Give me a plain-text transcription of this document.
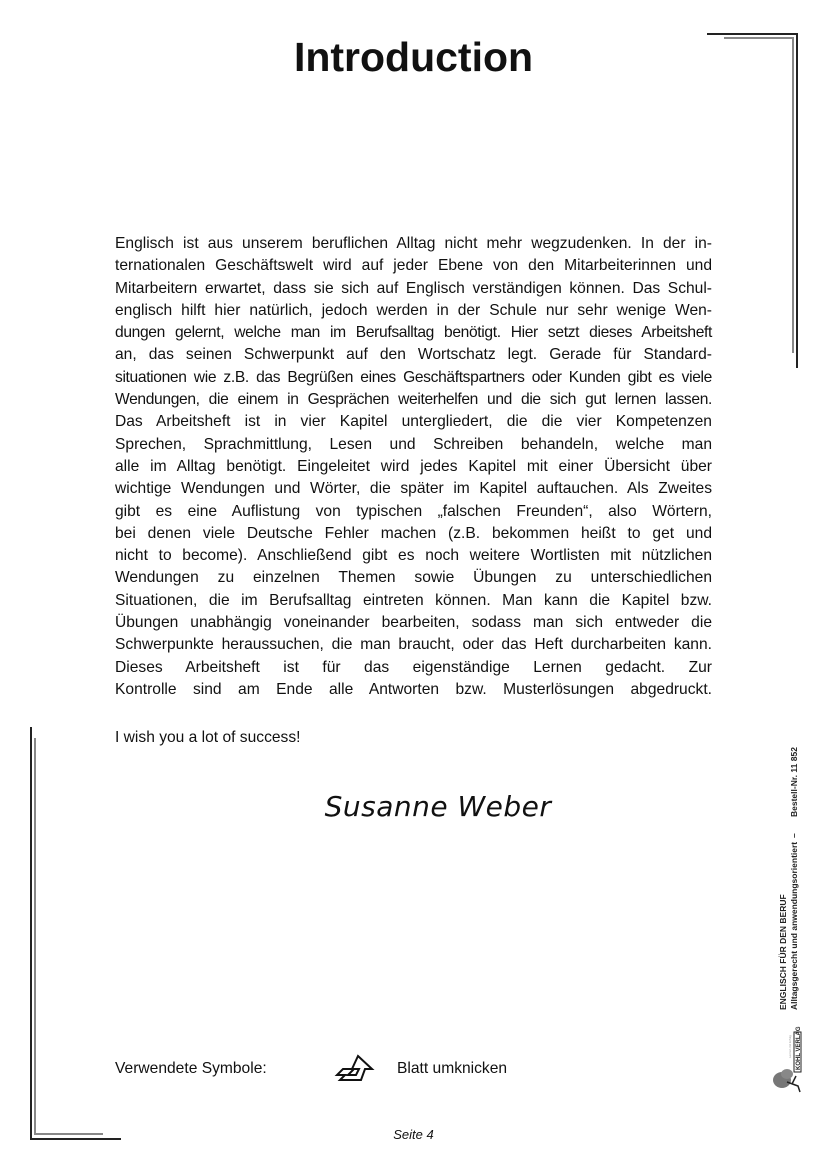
Introduction

Englisch ist aus unserem beruflichen Alltag nicht mehr wegzudenken. In der in-
ternationalen Geschäftswelt wird auf jeder Ebene von den Mitarbeiterinnen und
Mitarbeitern erwartet, dass sie sich auf Englisch verständigen können. Das Schul-
englisch hilft hier natürlich, jedoch werden in der Schule nur sehr wenige Wen-
dungen gelernt, welche man im Berufsalltag benötigt. Hier setzt dieses Arbeitsheft
an, das seinen Schwerpunkt auf den Wortschatz legt. Gerade für Standard-
situationen wie z.B. das Begrüßen eines Geschäftspartners oder Kunden gibt es viele
Wendungen, die einem in Gesprächen weiterhelfen und die sich gut lernen lassen.

Das Arbeitsheft ist in vier Kapitel untergliedert, die die vier Kompetenzen
Sprechen, Sprachmittlung, Lesen und Schreiben behandeln, welche man
alle im Alltag benötigt. Eingeleitet wird jedes Kapitel mit einer Übersicht über
wichtige Wendungen und Wörter, die später im Kapitel auftauchen. Als Zweites
gibt es eine Auflistung von typischen „falschen Freunden“, also Wörtern,
bei denen viele Deutsche Fehler machen (z.B. bekommen heißt to get und
nicht to become). Anschließend gibt es noch weitere Wortlisten mit nützlichen
Wendungen zu einzelnen Themen sowie Übungen zu unterschiedlichen
Situationen, die im Berufsalltag eintreten können. Man kann die Kapitel bzw.
Übungen unabhängig voneinander bearbeiten, sodass man sich entweder die
Schwerpunkte heraussuchen, die man braucht, oder das Heft durcharbeiten kann.
Dieses Arbeitsheft ist für das eigenständige Lernen gedacht. Zur
Kontrolle sind am Ende alle Antworten bzw. Musterlösungen abgedruckt.

I wish you a lot of success!
Susanne Weber
Verwendete Symbole:	Blatt umknicken
Seite 4
ENGLISCH FÜR DEN BERUF Alltagsgerecht und anwendungsorientiert
–
Bestell-Nr. 11 852
KOHL VERLAG
Lernen mit Erfolg
